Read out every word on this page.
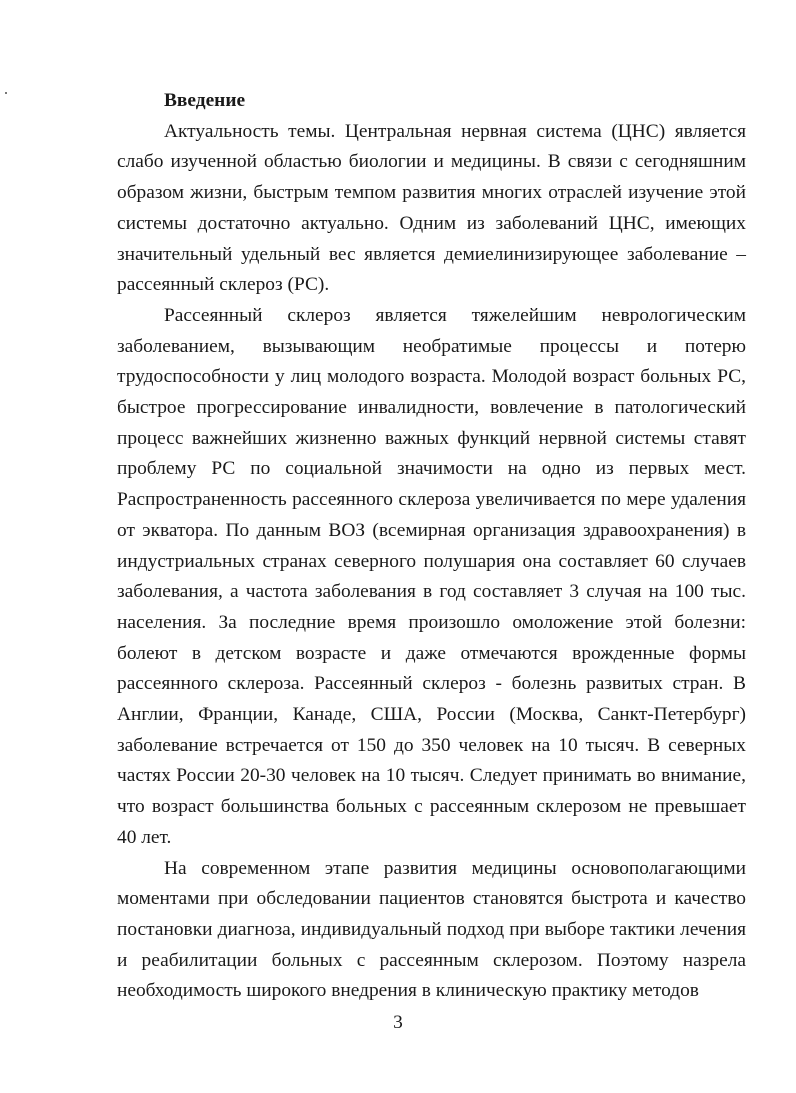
Введение

Актуальность темы. Центральная нервная система (ЦНС) является слабо изученной областью биологии и медицины. В связи с сегодняшним образом жизни, быстрым темпом развития многих отраслей изучение этой системы достаточно актуально. Одним из заболеваний ЦНС, имеющих значительный удельный вес является демиелинизирующее заболевание – рассеянный склероз (РС).

Рассеянный склероз является тяжелейшим неврологическим заболеванием, вызывающим необратимые процессы и потерю трудоспособности у лиц молодого возраста. Молодой возраст больных РС, быстрое прогрессирование инвалидности, вовлечение в патологический процесс важнейших жизненно важных функций нервной системы ставят проблему РС по социальной значимости на одно из первых мест. Распространенность рассеянного склероза увеличивается по мере удаления от экватора. По данным ВОЗ (всемирная организация здравоохранения) в индустриальных странах северного полушария она составляет 60 случаев заболевания, а частота заболевания в год составляет 3 случая на 100 тыс. населения. За последние время произошло омоложение этой болезни: болеют в детском возрасте и даже отмечаются врожденные формы рассеянного склероза. Рассеянный склероз - болезнь развитых стран. В Англии, Франции, Канаде, США, России (Москва, Санкт-Петербург) заболевание встречается от 150 до 350 человек на 10 тысяч. В северных частях России 20-30 человек на 10 тысяч. Следует принимать во внимание, что возраст большинства больных с рассеянным склерозом не превышает 40 лет.

На современном этапе развития медицины основополагающими моментами при обследовании пациентов становятся быстрота и качество постановки диагноза, индивидуальный подход при выборе тактики лечения и реабилитации больных с рассеянным склерозом. Поэтому назрела необходимость широкого внедрения в клиническую практику методов

3
